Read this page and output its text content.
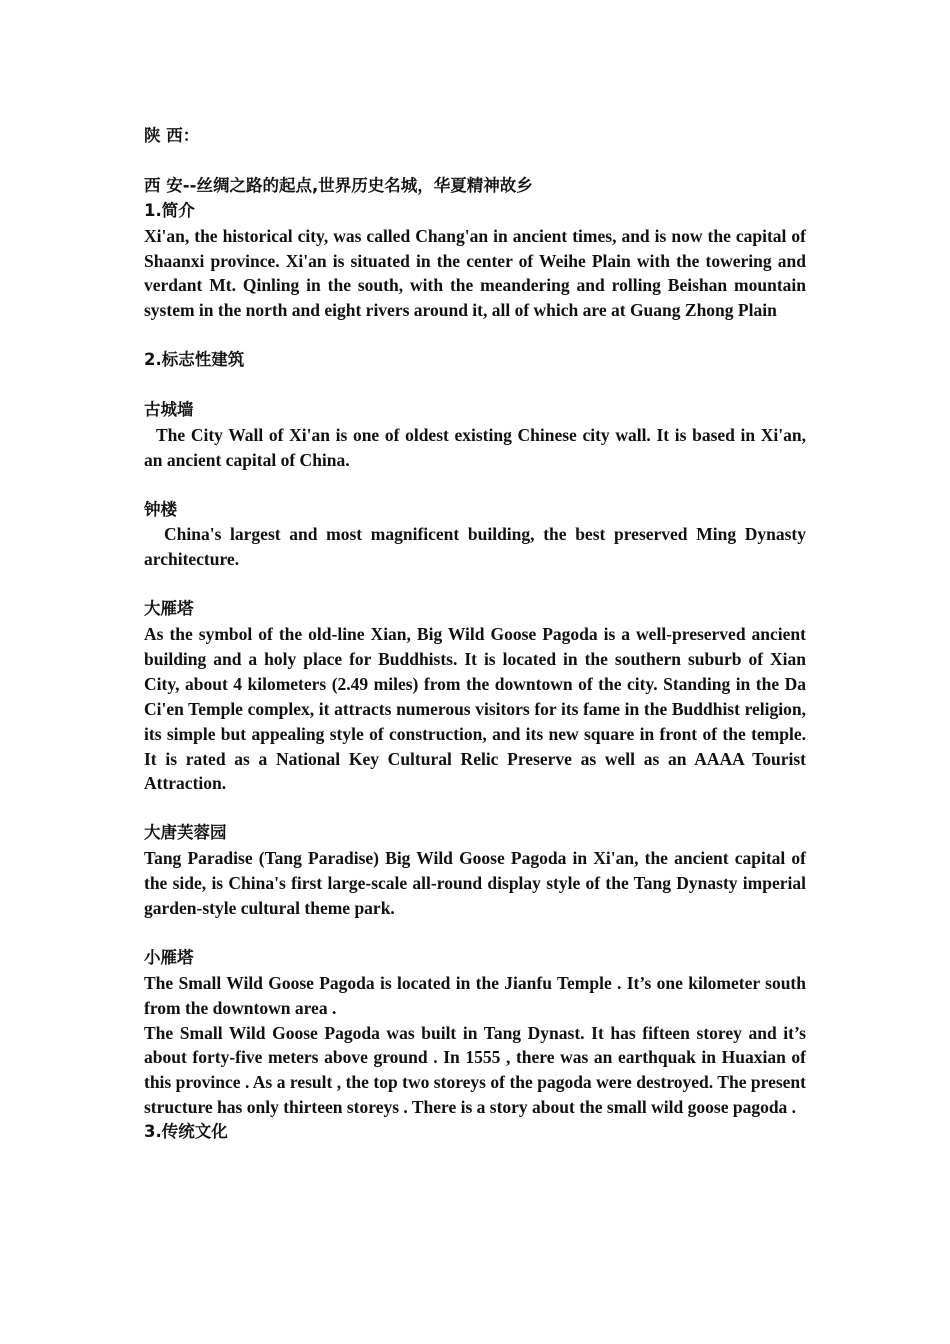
陕 西：

西 安--丝绸之路的起点,世界历史名城，华夏精神故乡

1.简介

Xi'an, the historical city, was called Chang'an in ancient times, and is now the capital of Shaanxi province. Xi'an is situated in the center of Weihe Plain with the towering and verdant Mt. Qinling in the south, with the meandering and rolling Beishan mountain system in the north and eight rivers around it, all of which are at Guang Zhong Plain

2.标志性建筑

古城墙

The City Wall of Xi'an is one of oldest existing Chinese city wall. It is based in Xi'an, an ancient capital of China.

钟楼

China's largest and most magnificent building, the best preserved Ming Dynasty architecture.

大雁塔

As the symbol of the old-line Xian, Big Wild Goose Pagoda is a well-preserved ancient building and a holy place for Buddhists. It is located in the southern suburb of Xian City, about 4 kilometers (2.49 miles) from the downtown of the city. Standing in the Da Ci'en Temple complex, it attracts numerous visitors for its fame in the Buddhist religion, its simple but appealing style of construction, and its new square in front of the temple. It is rated as a National Key Cultural Relic Preserve as well as an AAAA Tourist Attraction.

大唐芙蓉园

Tang Paradise (Tang Paradise) Big Wild Goose Pagoda in Xi'an, the ancient capital of the side, is China's first large-scale all-round display style of the Tang Dynasty imperial garden-style cultural theme park.

小雁塔

The Small Wild Goose Pagoda is located in the Jianfu Temple . It’s one kilometer south from the downtown area .

The Small Wild Goose Pagoda was built in Tang Dynast. It has fifteen storey and it’s about forty-five meters above ground . In 1555 , there was an earthquak in Huaxian of this province . As a result , the top two storeys of the pagoda were destroyed. The present structure has only thirteen storeys . There is a story about the small wild goose pagoda .

3.传统文化
